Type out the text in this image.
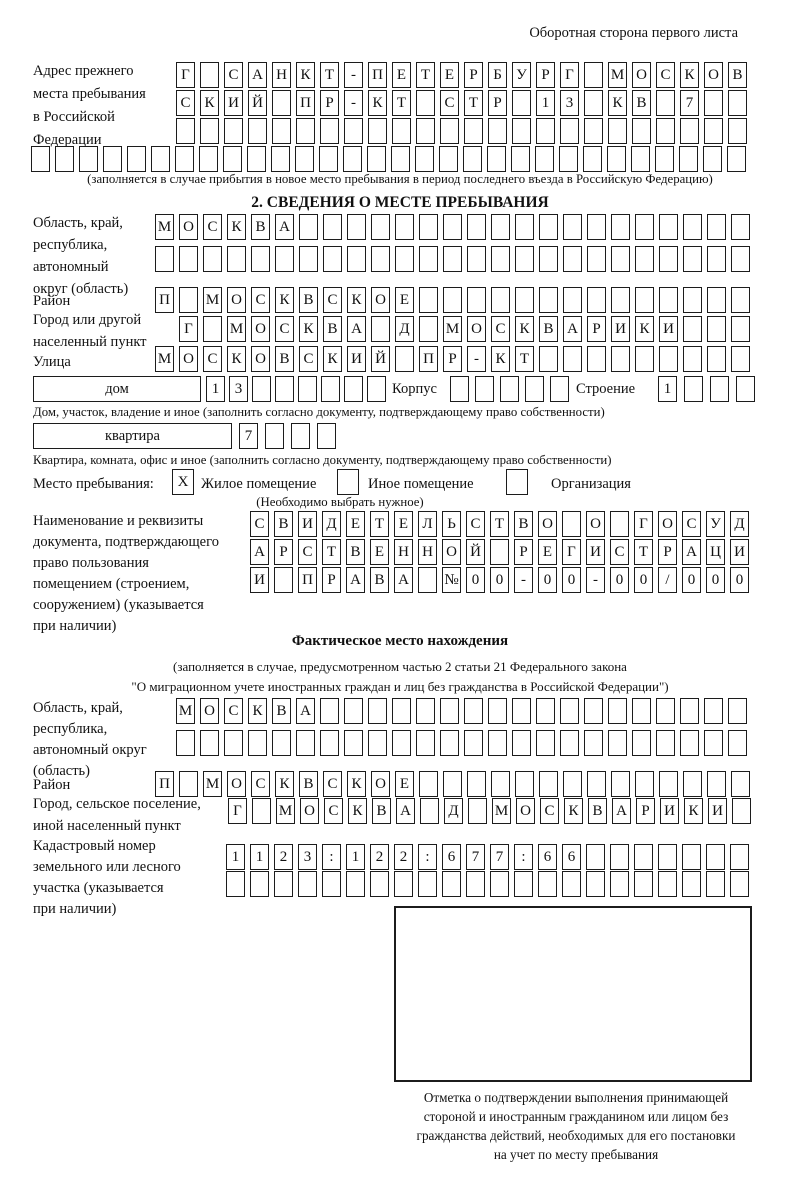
Оборотная сторона первого листа
Адрес прежнего
места пребывания
в Российской
Федерации
Г	С А Н К Т	-	П Е Т Е	Р	Б У Р	Г	М О С К О В
С К И Й П Р	-	К Т	С Т	Р	1	3	К В	7
(заполняется в случае прибытия в новое место пребывания в период последнего въезда в Российскую Федерацию)
2. СВЕДЕНИЯ О МЕСТЕ ПРЕБЫВАНИЯ
Область, край,
республика,
автономный
округ (область)
М О С К В А
Район	П М О С К В С К О Е
Город или другой
населенный пункт
Г	М О С К В А Д М О С К В А Р И К И
Улица	М О С К О В С К И Й П Р	-	К Т
дом	1	3	Корпус	Строение	1
Дом, участок, владение и иное (заполнить согласно документу, подтверждающему право собственности)
квартира	7
Квартира, комната, офис и иное (заполнить согласно документу, подтверждающему право собственности)
Место пребывания:	X Жилое помещение	Иное помещение	Организация
(Необходимо выбрать нужное)
Наименование и реквизиты
документа, подтверждающего
право пользования
помещением (строением,
сооружением) (указывается
при наличии)
С В И Д Е Т Е Л Ь С Т В О О	Г О С У Д
А Р С Т В Е Н Н О Й	Р	Е	Г И С Т	Р А Ц И
И П Р А В А № 0	0	-	0	0	-	0	0	/	0	0	0
Фактическое место нахождения
(заполняется в случае, предусмотренном частью 2 статьи 21 Федерального закона
"О миграционном учете иностранных граждан и лиц без гражданства в Российской Федерации")
Область, край,
республика,
автономный округ
(область)
М О С К В А
Район	П М О С К В С К О Е
Город, сельское поселение,
иной населенный пункт
Г	М О С К В А Д М О С К В А Р И К И
Кадастровый номер
земельного или лесного
участка (указывается
при наличии)
1	1	2	3	:	1	2	2	:	6	7	7	:	6	6
Отметка о подтверждении выполнения принимающей
стороной и иностранным гражданином или лицом без
гражданства действий, необходимых для его постановки
на учет по месту пребывания
